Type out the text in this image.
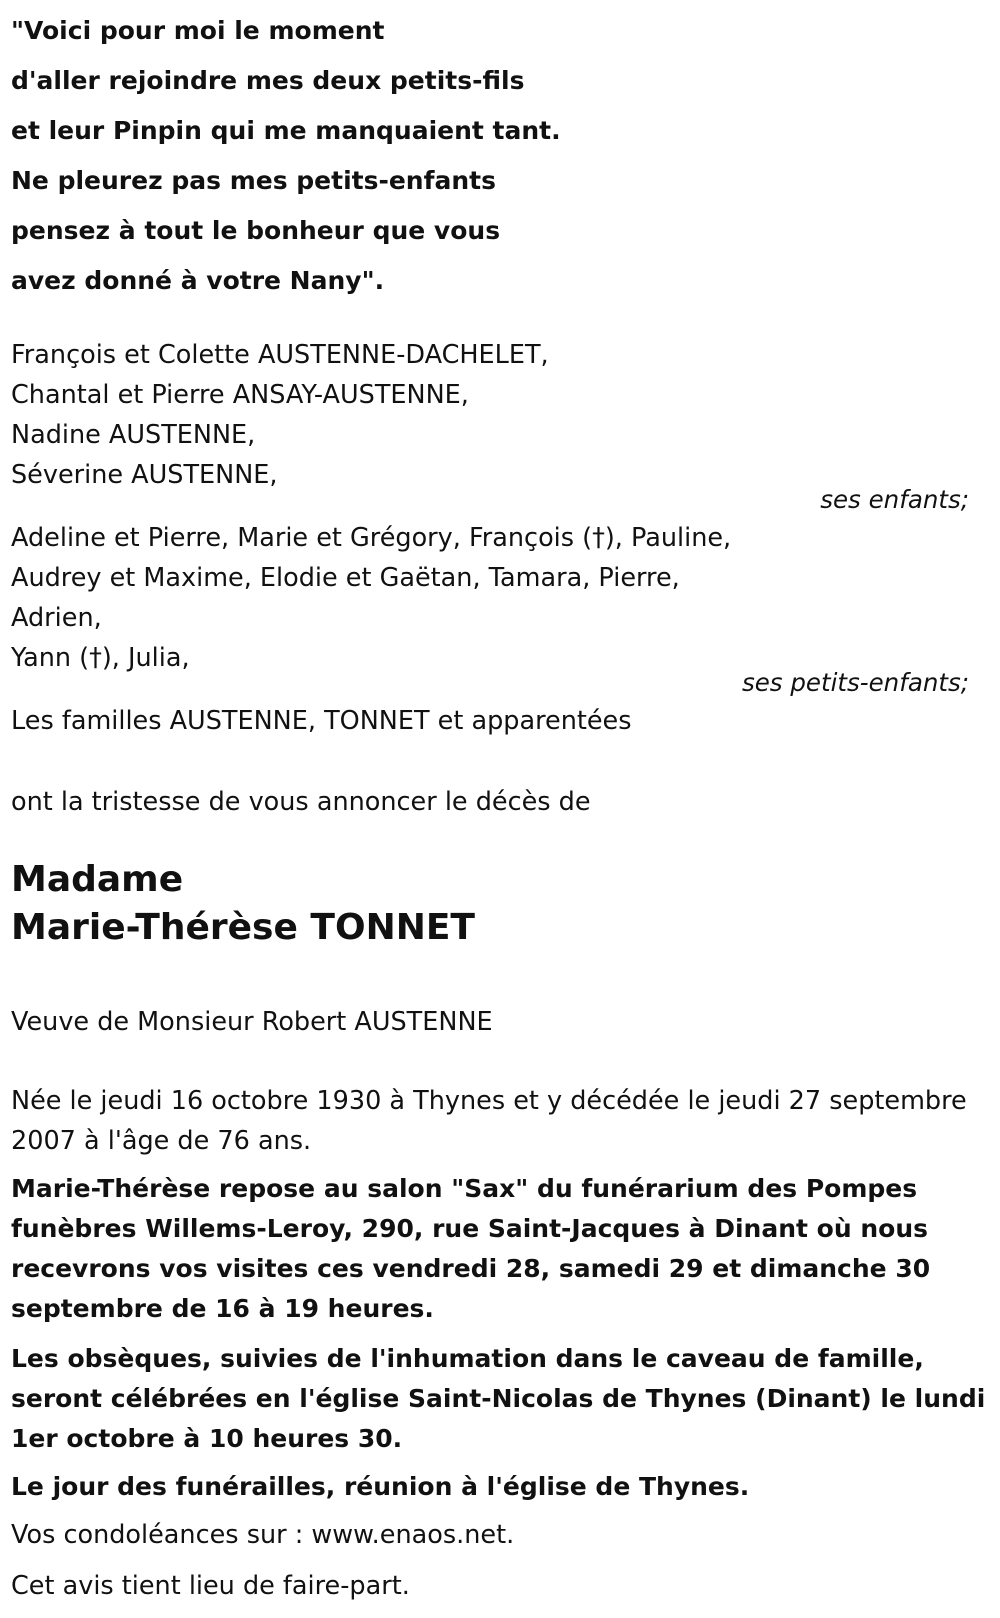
"Voici pour moi le moment
d'aller rejoindre mes deux petits-fils
et leur Pinpin qui me manquaient tant.
Ne pleurez pas mes petits-enfants
pensez à tout le bonheur que vous
avez donné à votre Nany".
François et Colette AUSTENNE-DACHELET,
Chantal et Pierre ANSAY-AUSTENNE,
Nadine AUSTENNE,
Séverine AUSTENNE,
ses enfants;
Adeline et Pierre, Marie et Grégory, François (†), Pauline,
Audrey et Maxime, Elodie et Gaëtan, Tamara, Pierre,
Adrien,
Yann (†), Julia,
ses petits-enfants;
Les familles AUSTENNE, TONNET et apparentées
ont la tristesse de vous annoncer le décès de
Madame
Marie-Thérèse TONNET
Veuve de Monsieur Robert AUSTENNE

Née le jeudi 16 octobre 1930 à Thynes et y décédée le jeudi 27 septembre 2007 à l'âge de 76 ans.

Marie-Thérèse repose au salon "Sax" du funérarium des Pompes funèbres Willems-Leroy, 290, rue Saint-Jacques à Dinant où nous recevrons vos visites ces vendredi 28, samedi 29 et dimanche 30 septembre de 16 à 19 heures.

Les obsèques, suivies de l'inhumation dans le caveau de famille, seront célébrées en l'église Saint-Nicolas de Thynes (Dinant) le lundi 1er octobre à 10 heures 30.

Le jour des funérailles, réunion à l'église de Thynes.
Vos condoléances sur : www.enaos.net.
Cet avis tient lieu de faire-part.
